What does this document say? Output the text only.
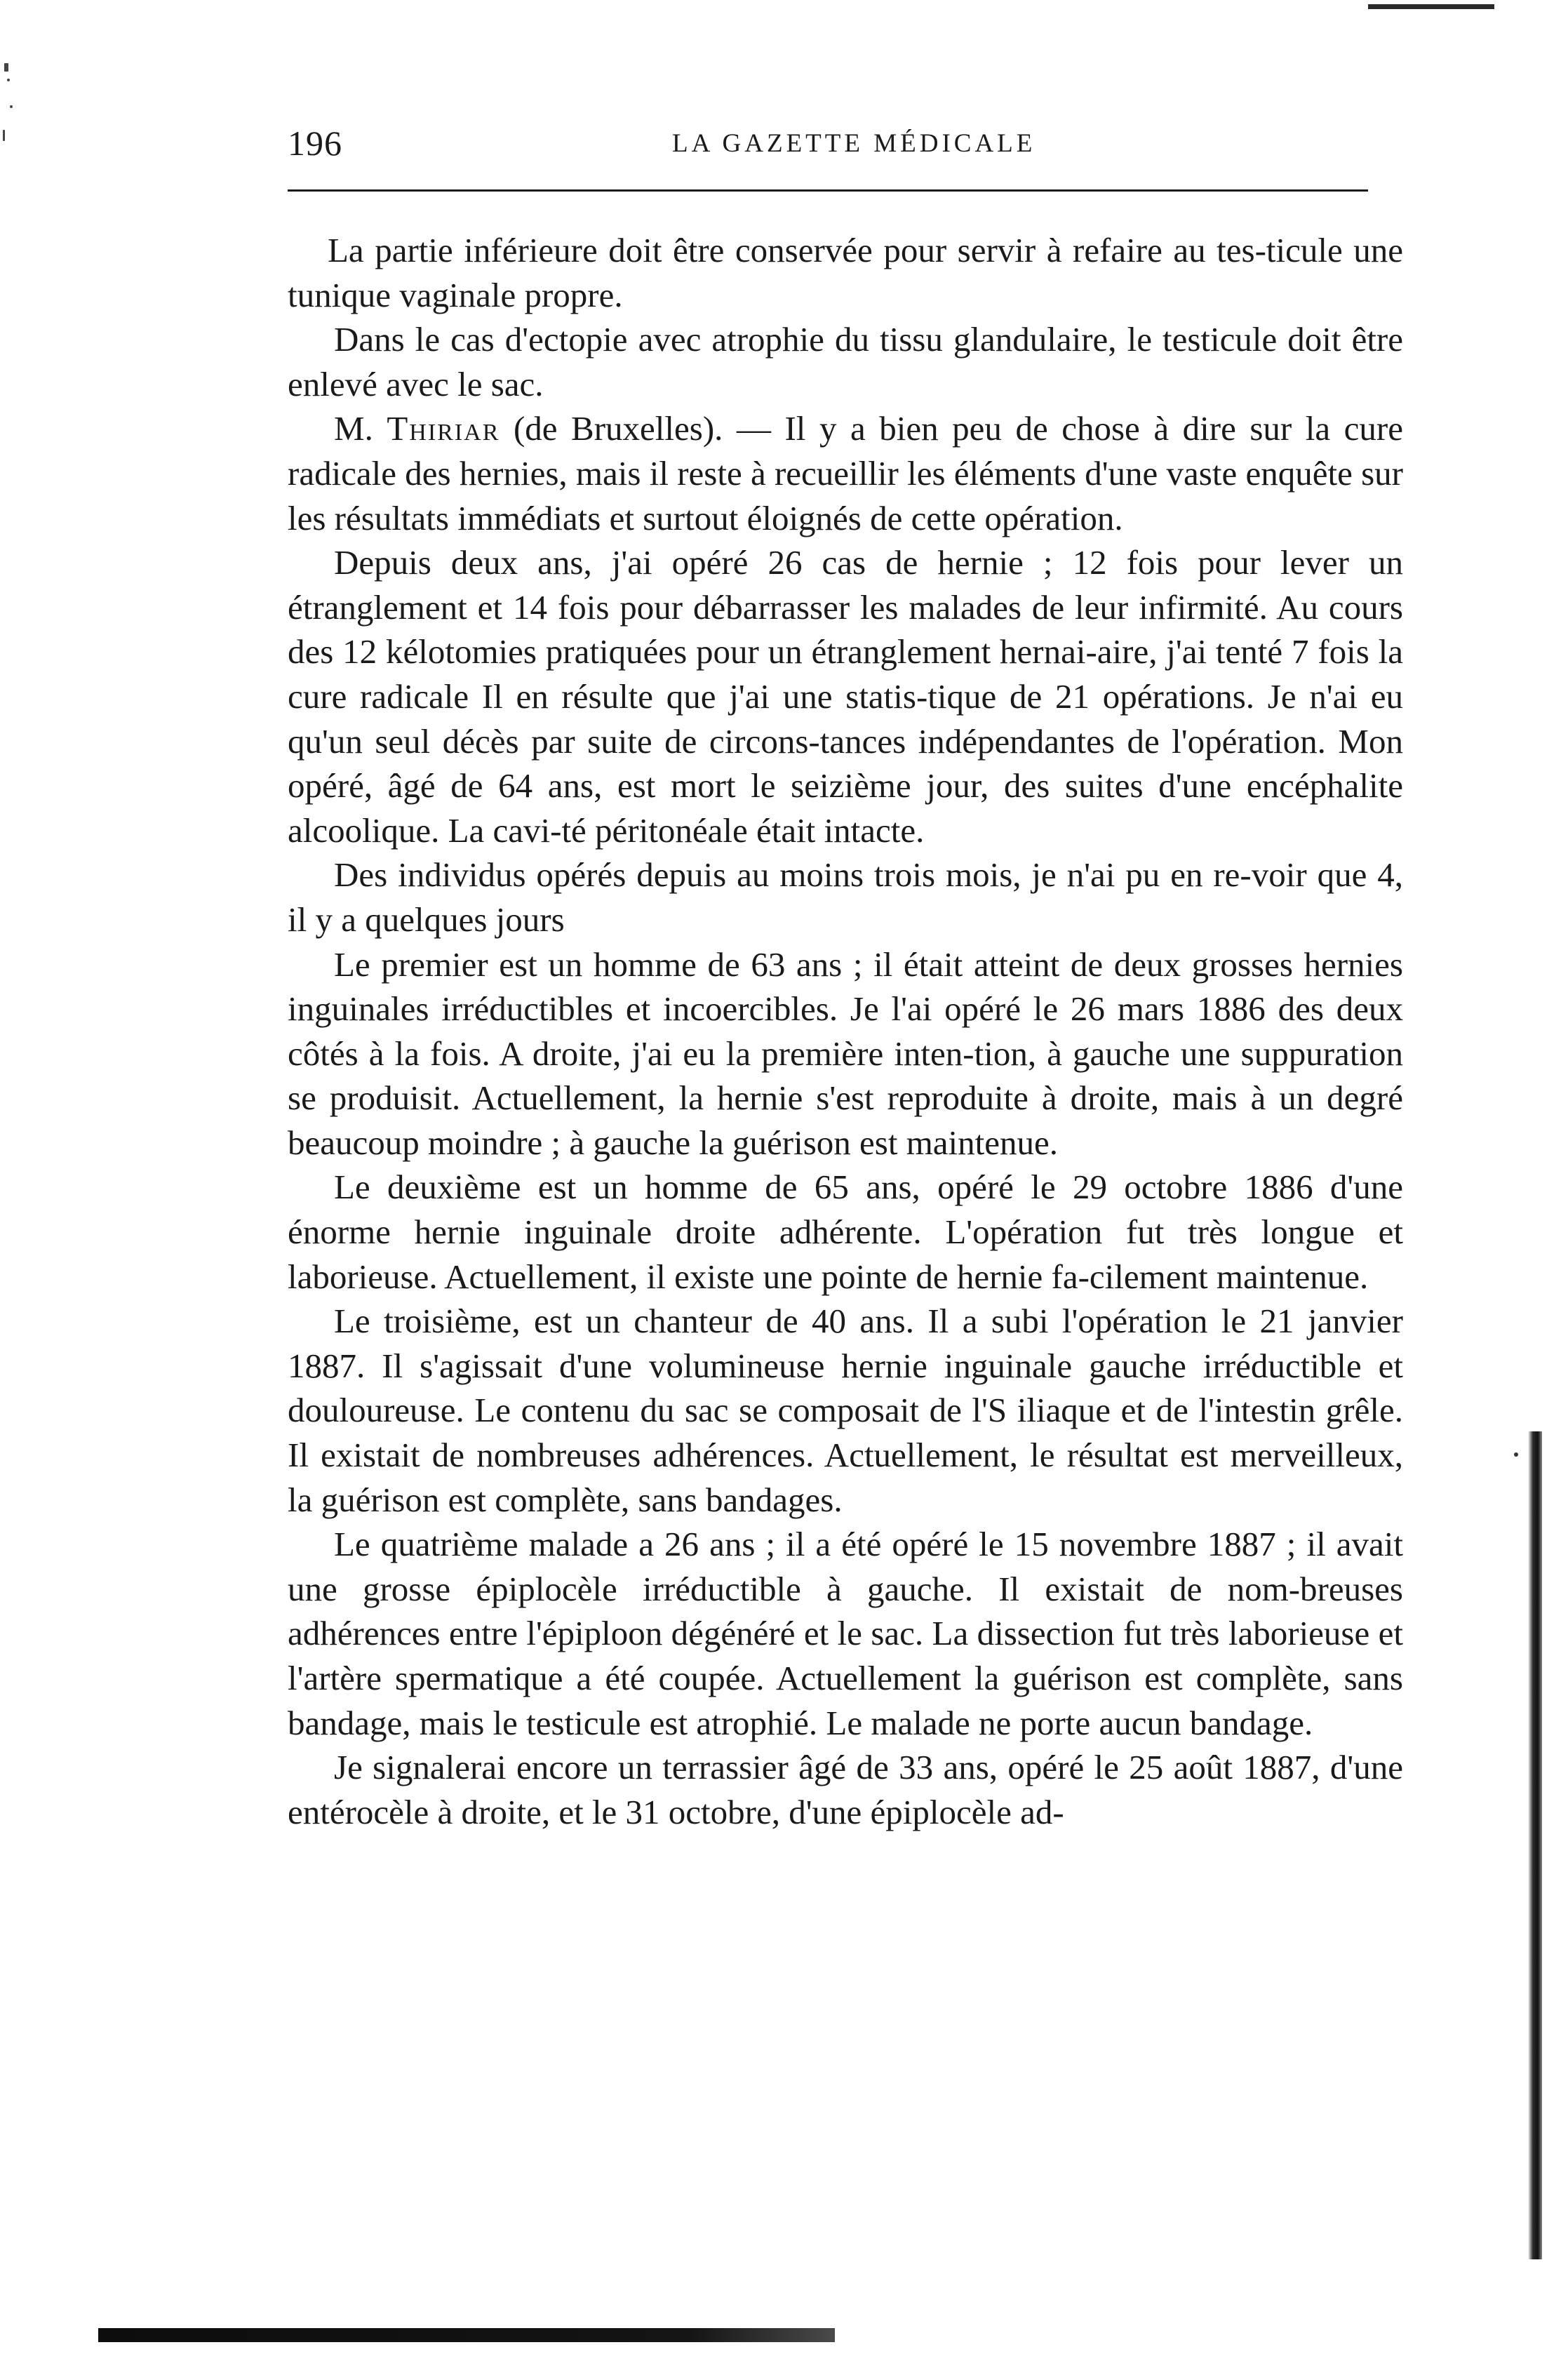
196	LA GAZETTE MÉDICALE

La partie inférieure doit être conservée pour servir à refaire au tes-ticule une tunique vaginale propre.

Dans le cas d'ectopie avec atrophie du tissu glandulaire, le testicule doit être enlevé avec le sac.

M. Thiriar (de Bruxelles). — Il y a bien peu de chose à dire sur la cure radicale des hernies, mais il reste à recueillir les éléments d'une vaste enquête sur les résultats immédiats et surtout éloignés de cette opération.

Depuis deux ans, j'ai opéré 26 cas de hernie ; 12 fois pour lever un étranglement et 14 fois pour débarrasser les malades de leur infirmité. Au cours des 12 kélotomies pratiquées pour un étranglement hernai-aire, j'ai tenté 7 fois la cure radicale Il en résulte que j'ai une statis-tique de 21 opérations. Je n'ai eu qu'un seul décès par suite de circons-tances indépendantes de l'opération. Mon opéré, âgé de 64 ans, est mort le seizième jour, des suites d'une encéphalite alcoolique. La cavi-té péritonéale était intacte.

Des individus opérés depuis au moins trois mois, je n'ai pu en re-voir que 4, il y a quelques jours

Le premier est un homme de 63 ans ; il était atteint de deux grosses hernies inguinales irréductibles et incoercibles. Je l'ai opéré le 26 mars 1886 des deux côtés à la fois. A droite, j'ai eu la première inten-tion, à gauche une suppuration se produisit. Actuellement, la hernie s'est reproduite à droite, mais à un degré beaucoup moindre ; à gauche la guérison est maintenue.

Le deuxième est un homme de 65 ans, opéré le 29 octobre 1886 d'une énorme hernie inguinale droite adhérente. L'opération fut très longue et laborieuse. Actuellement, il existe une pointe de hernie fa-cilement maintenue.

Le troisième, est un chanteur de 40 ans. Il a subi l'opération le 21 janvier 1887. Il s'agissait d'une volumineuse hernie inguinale gauche irréductible et douloureuse. Le contenu du sac se composait de l'S iliaque et de l'intestin grêle. Il existait de nombreuses adhérences. Actuellement, le résultat est merveilleux, la guérison est complète, sans bandages.

Le quatrième malade a 26 ans ; il a été opéré le 15 novembre 1887 ; il avait une grosse épiplocèle irréductible à gauche. Il existait de nom-breuses adhérences entre l'épiploon dégénéré et le sac. La dissection fut très laborieuse et l'artère spermatique a été coupée. Actuellement la guérison est complète, sans bandage, mais le testicule est atrophié. Le malade ne porte aucun bandage.

Je signalerai encore un terrassier âgé de 33 ans, opéré le 25 août 1887, d'une entérocèle à droite, et le 31 octobre, d'une épiplocèle ad-
